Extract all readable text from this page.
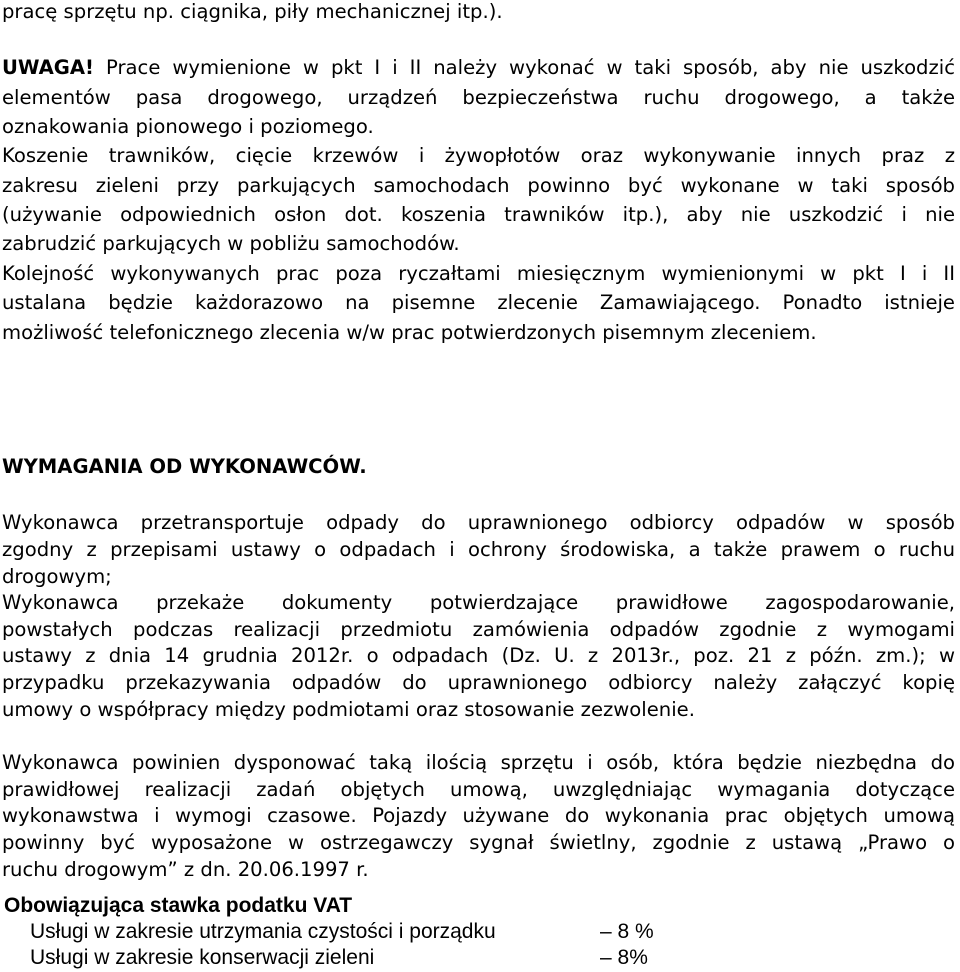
pracę sprzętu np. ciągnika, piły mechanicznej itp.).
UWAGA! Prace wymienione w pkt I i II należy wykonać w taki sposób, aby nie uszkodzić
elementów pasa drogowego, urządzeń bezpieczeństwa ruchu drogowego, a także
oznakowania pionowego i poziomego.
Koszenie trawników, cięcie krzewów i żywopłotów oraz wykonywanie innych praz z
zakresu zieleni przy parkujących samochodach powinno być wykonane w taki sposób
(używanie odpowiednich osłon dot. koszenia trawników itp.), aby nie uszkodzić i nie
zabrudzić parkujących w pobliżu samochodów.
Kolejność wykonywanych prac poza ryczałtami miesięcznym wymienionymi w pkt I i II
ustalana będzie każdorazowo na pisemne zlecenie Zamawiającego. Ponadto istnieje
możliwość telefonicznego zlecenia w/w prac potwierdzonych pisemnym zleceniem.
WYMAGANIA OD WYKONAWCÓW.
Wykonawca przetransportuje odpady do uprawnionego odbiorcy odpadów w sposób
zgodny z przepisami ustawy o odpadach i ochrony środowiska, a także prawem o ruchu
drogowym;
Wykonawca przekaże dokumenty potwierdzające prawidłowe zagospodarowanie,
powstałych podczas realizacji przedmiotu zamówienia odpadów zgodnie z wymogami
ustawy z dnia 14 grudnia 2012r. o odpadach (Dz. U. z 2013r., poz. 21 z późn. zm.); w
przypadku przekazywania odpadów do uprawnionego odbiorcy należy załączyć kopię
umowy o współpracy między podmiotami oraz stosowanie zezwolenie.
Wykonawca powinien dysponować taką ilością sprzętu i osób, która będzie niezbędna do
prawidłowej realizacji zadań objętych umową, uwzględniając wymagania dotyczące
wykonawstwa i wymogi czasowe. Pojazdy używane do wykonania prac objętych umową
powinny być wyposażone w ostrzegawczy sygnał świetlny, zgodnie z ustawą „Prawo o
ruchu drogowym” z dn. 20.06.1997 r.
Obowiązująca stawka podatku VAT
Usługi w zakresie utrzymania czystości i porządku	– 8 %
Usługi w zakresie konserwacji zieleni	– 8%
